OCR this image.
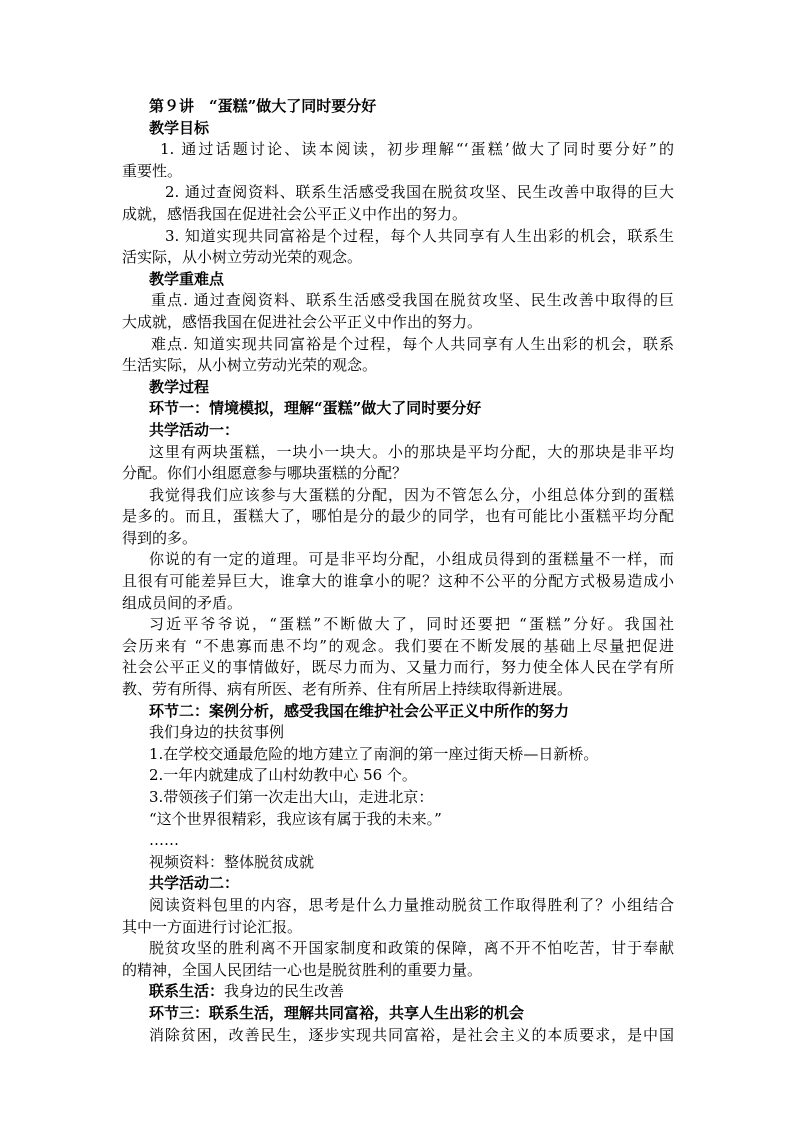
第９讲　“蛋糕”做大了同时要分好
教学目标
1. 通过话题讨论、读本阅读，初步理解“‘蛋糕’做大了同时要分好”的
重要性。
2. 通过查阅资料、联系生活感受我国在脱贫攻坚、民生改善中取得的巨大
成就，感悟我国在促进社会公平正义中作出的努力。
3. 知道实现共同富裕是个过程，每个人共同享有人生出彩的机会，联系生
活实际，从小树立劳动光荣的观念。
教学重难点
重点. 通过查阅资料、联系生活感受我国在脱贫攻坚、民生改善中取得的巨
大成就，感悟我国在促进社会公平正义中作出的努力。
难点. 知道实现共同富裕是个过程，每个人共同享有人生出彩的机会，联系
生活实际，从小树立劳动光荣的观念。
教学过程
环节一：情境模拟，理解“蛋糕”做大了同时要分好
共学活动一：
这里有两块蛋糕，一块小一块大。小的那块是平均分配，大的那块是非平均
分配。你们小组愿意参与哪块蛋糕的分配？
我觉得我们应该参与大蛋糕的分配，因为不管怎么分，小组总体分到的蛋糕
是多的。而且，蛋糕大了，哪怕是分的最少的同学，也有可能比小蛋糕平均分配
得到的多。
你说的有一定的道理。可是非平均分配，小组成员得到的蛋糕量不一样，而
且很有可能差异巨大，谁拿大的谁拿小的呢？这种不公平的分配方式极易造成小
组成员间的矛盾。
习近平爷爷说，“蛋糕”不断做大了，同时还要把 “蛋糕”分好。我国社
会历来有 “不患寡而患不均”的观念。我们要在不断发展的基础上尽量把促进
社会公平正义的事情做好，既尽力而为、又量力而行，努力使全体人民在学有所
教、劳有所得、病有所医、老有所养、住有所居上持续取得新进展。
环节二：案例分析，感受我国在维护社会公平正义中所作的努力
我们身边的扶贫事例
1.在学校交通最危险的地方建立了南涧的第一座过街天桥—日新桥。
2.一年内就建成了山村幼教中心 56 个。
3.带领孩子们第一次走出大山，走进北京：
“这个世界很精彩，我应该有属于我的未来。”
……
视频资料：整体脱贫成就
共学活动二：
阅读资料包里的内容，思考是什么力量推动脱贫工作取得胜利了？小组结合
其中一方面进行讨论汇报。
脱贫攻坚的胜利离不开国家制度和政策的保障，离不开不怕吃苦，甘于奉献
的精神，全国人民团结一心也是脱贫胜利的重要力量。
联系生活：我身边的民生改善
环节三：联系生活，理解共同富裕，共享人生出彩的机会
消除贫困，改善民生，逐步实现共同富裕，是社会主义的本质要求，是中国
